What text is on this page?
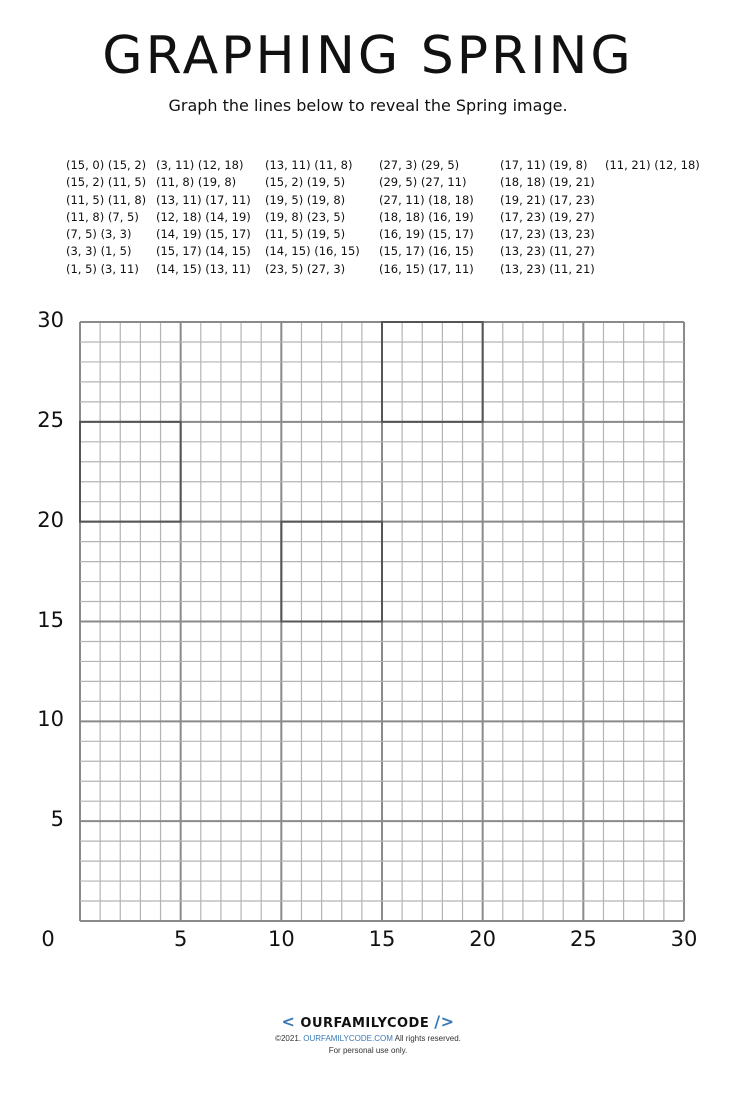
GRAPHING SPRING
Graph the lines below to reveal the Spring image.
(15, 0) (15, 2)
(15, 2) (11, 5)
(11, 5) (11, 8)
(11, 8) (7, 5)
(7, 5) (3, 3)
(3, 3) (1, 5)
(1, 5) (3, 11)
(3, 11) (12, 18)
(11, 8) (19, 8)
(13, 11) (17, 11)
(12, 18) (14, 19)
(14, 19) (15, 17)
(15, 17) (14, 15)
(14, 15) (13, 11)
(13, 11) (11, 8)
(15, 2) (19, 5)
(19, 5) (19, 8)
(19, 8) (23, 5)
(11, 5) (19, 5)
(14, 15) (16, 15)
(23, 5) (27, 3)
(27, 3) (29, 5)
(29, 5) (27, 11)
(27, 11) (18, 18)
(18, 18) (16, 19)
(16, 19) (15, 17)
(15, 17) (16, 15)
(16, 15) (17, 11)
(17, 11) (19, 8)
(18, 18) (19, 21)
(19, 21) (17, 23)
(17, 23) (19, 27)
(17, 23) (13, 23)
(13, 23) (11, 27)
(13, 23) (11, 21)
(11, 21) (12, 18)
5
10
15
20
25
30
0	5	10	15	20	25	30
< OURFAMILYCODE />
©2021. OURFAMILYCODE.COM All rights reserved.
For personal use only.
